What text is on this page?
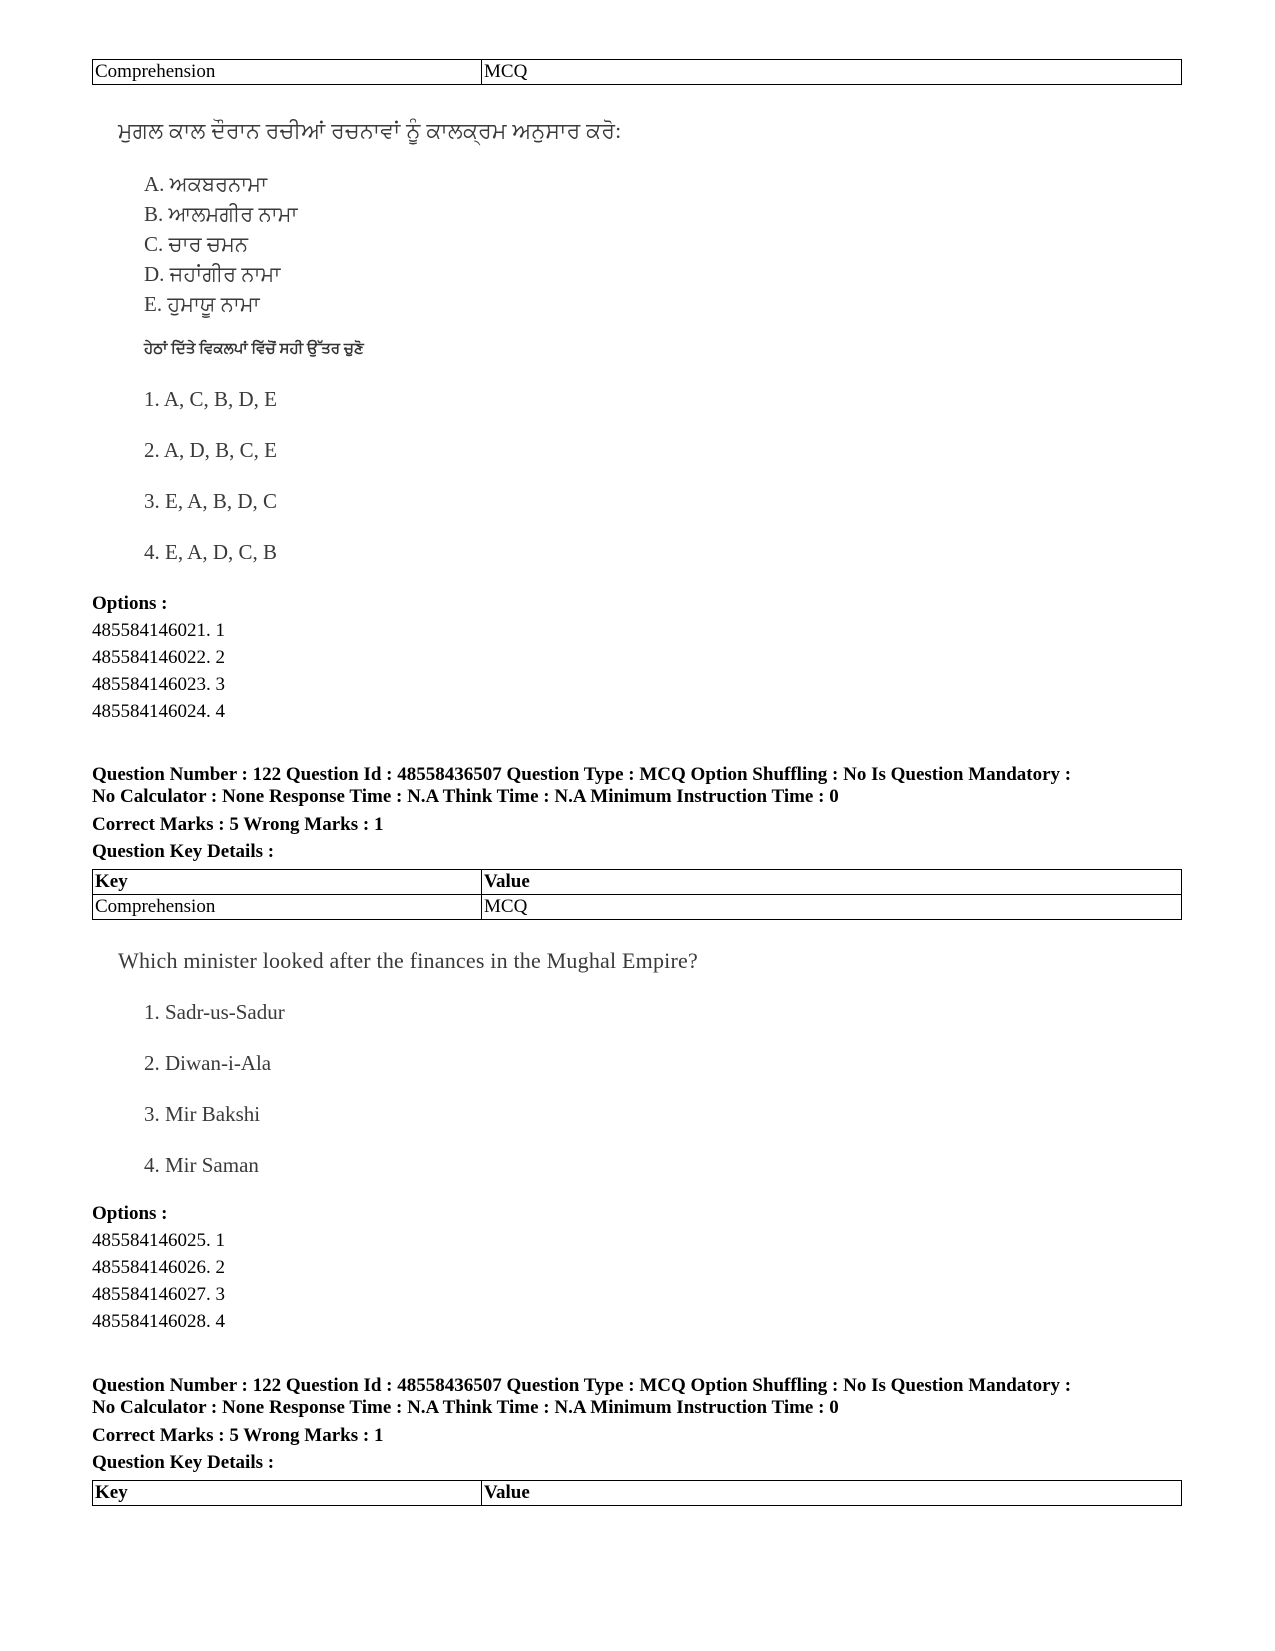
Comprehension	MCQ
ਮੁਗਲ ਕਾਲ ਦੌਰਾਨ ਰਚੀਆਂ ਰਚਨਾਵਾਂ ਨੂੰ ਕਾਲਕ੍ਰਮ ਅਨੁਸਾਰ ਕਰੋ:
A. ਅਕਬਰਨਾਮਾ
B. ਆਲਮਗੀਰ ਨਾਮਾ
C. ਚਾਰ ਚਮਨ
D. ਜਹਾਂਗੀਰ ਨਾਮਾ
E. ਹੁਮਾਯੂ ਨਾਮਾ
ਹੇਠਾਂ ਦਿੱਤੇ ਵਿਕਲਪਾਂ ਵਿੱਚੋਂ ਸਹੀ ਉੱਤਰ ਚੁਣੋ
1. A, C, B, D, E
2. A, D, B, C, E
3. E, A, B, D, C
4. E, A, D, C, B
Options :
485584146021. 1
485584146022. 2
485584146023. 3
485584146024. 4
Question Number : 122 Question Id : 48558436507 Question Type : MCQ Option Shuffling : No Is Question Mandatory :
No Calculator : None Response Time : N.A Think Time : N.A Minimum Instruction Time : 0
Correct Marks : 5 Wrong Marks : 1
Question Key Details :
Key	Value
Comprehension	MCQ
Which minister looked after the finances in the Mughal Empire?
1. Sadr-us-Sadur
2. Diwan-i-Ala
3. Mir Bakshi
4. Mir Saman
Options :
485584146025. 1
485584146026. 2
485584146027. 3
485584146028. 4
Question Number : 122 Question Id : 48558436507 Question Type : MCQ Option Shuffling : No Is Question Mandatory :
No Calculator : None Response Time : N.A Think Time : N.A Minimum Instruction Time : 0
Correct Marks : 5 Wrong Marks : 1
Question Key Details :
Key	Value
